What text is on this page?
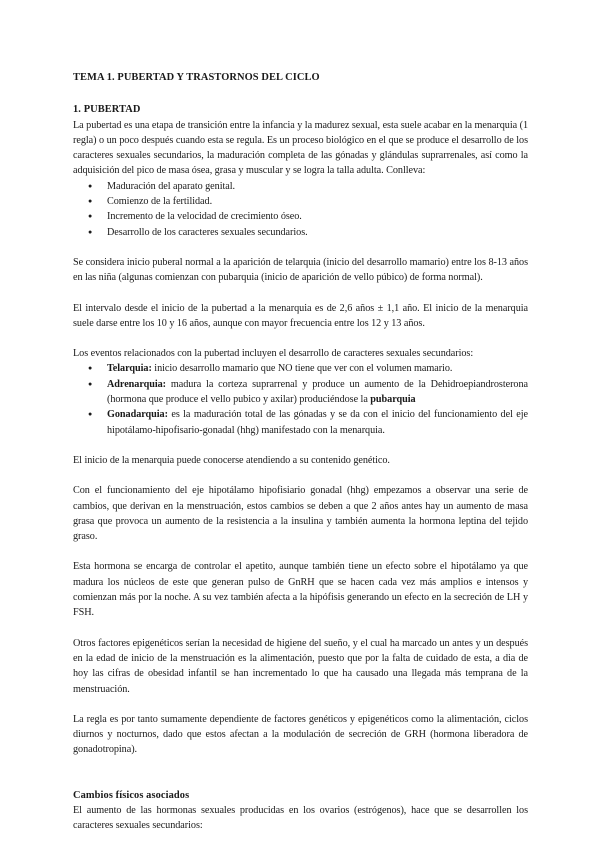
TEMA 1. PUBERTAD Y TRASTORNOS DEL CICLO
1. PUBERTAD

La pubertad es una etapa de transición entre la infancia y la madurez sexual, esta suele acabar en la menarquia (1 regla) o un poco después cuando esta se regula. Es un proceso biológico en el que se produce el desarrollo de los caracteres sexuales secundarios, la maduración completa de las gónadas y glándulas suprarrenales, así como la adquisición del pico de masa ósea, grasa y muscular y se logra la talla adulta. Conlleva:

● Maduración del aparato genital.
● Comienzo de la fertilidad.
● Incremento de la velocidad de crecimiento óseo.
● Desarrollo de los caracteres sexuales secundarios.

Se considera inicio puberal normal a la aparición de telarquia (inicio del desarrollo mamario) entre los 8-13 años en las niña (algunas comienzan con pubarquia (inicio de aparición de vello púbico) de forma normal).

El intervalo desde el inicio de la pubertad a la menarquia es de 2,6 años ± 1,1 año. El inicio de la menarquia suele darse entre los 10 y 16 años, aunque con mayor frecuencia entre los 12 y 13 años.

Los eventos relacionados con la pubertad incluyen el desarrollo de caracteres sexuales secundarios:

● Telarquia: inicio desarrollo mamario que NO tiene que ver con el volumen mamario.
● Adrenarquia: madura la corteza suprarrenal y produce un aumento de la Dehidroepiandrosterona (hormona que produce el vello pubico y axilar) produciéndose la pubarquia
● Gonadarquia: es la maduración total de las gónadas y se da con el inicio del funcionamiento del eje hipotálamo-hipofisario-gonadal (hhg) manifestado con la menarquia.

El inicio de la menarquia puede conocerse atendiendo a su contenido genético.

Con el funcionamiento del eje hipotálamo hipofisiario gonadal (hhg) empezamos a observar una serie de cambios, que derivan en la menstruación, estos cambios se deben a que 2 años antes hay un aumento de masa grasa que provoca un aumento de la resistencia a la insulina y también aumenta la hormona leptina del tejido graso.

Esta hormona se encarga de controlar el apetito, aunque también tiene un efecto sobre el hipotálamo ya que madura los núcleos de este que generan pulso de GnRH que se hacen cada vez más amplios e intensos y comienzan más por la noche. A su vez también afecta a la hipófisis generando un efecto en la secreción de LH y FSH.

Otros factores epigenéticos serían la necesidad de higiene del sueño, y el cual ha marcado un antes y un después en la edad de inicio de la menstruación es la alimentación, puesto que por la falta de cuidado de esta, a dia de hoy las cifras de obesidad infantil se han incrementado lo que ha causado una llegada más temprana de la menstruación.

La regla es por tanto sumamente dependiente de factores genéticos y epigenéticos como la alimentación, ciclos diurnos y nocturnos, dado que estos afectan a la modulación de secreción de GRH (hormona liberadora de gonadotropina).

Cambios físicos asociados

El aumento de las hormonas sexuales producidas en los ovarios (estrógenos), hace que se desarrollen los caracteres sexuales secundarios:
